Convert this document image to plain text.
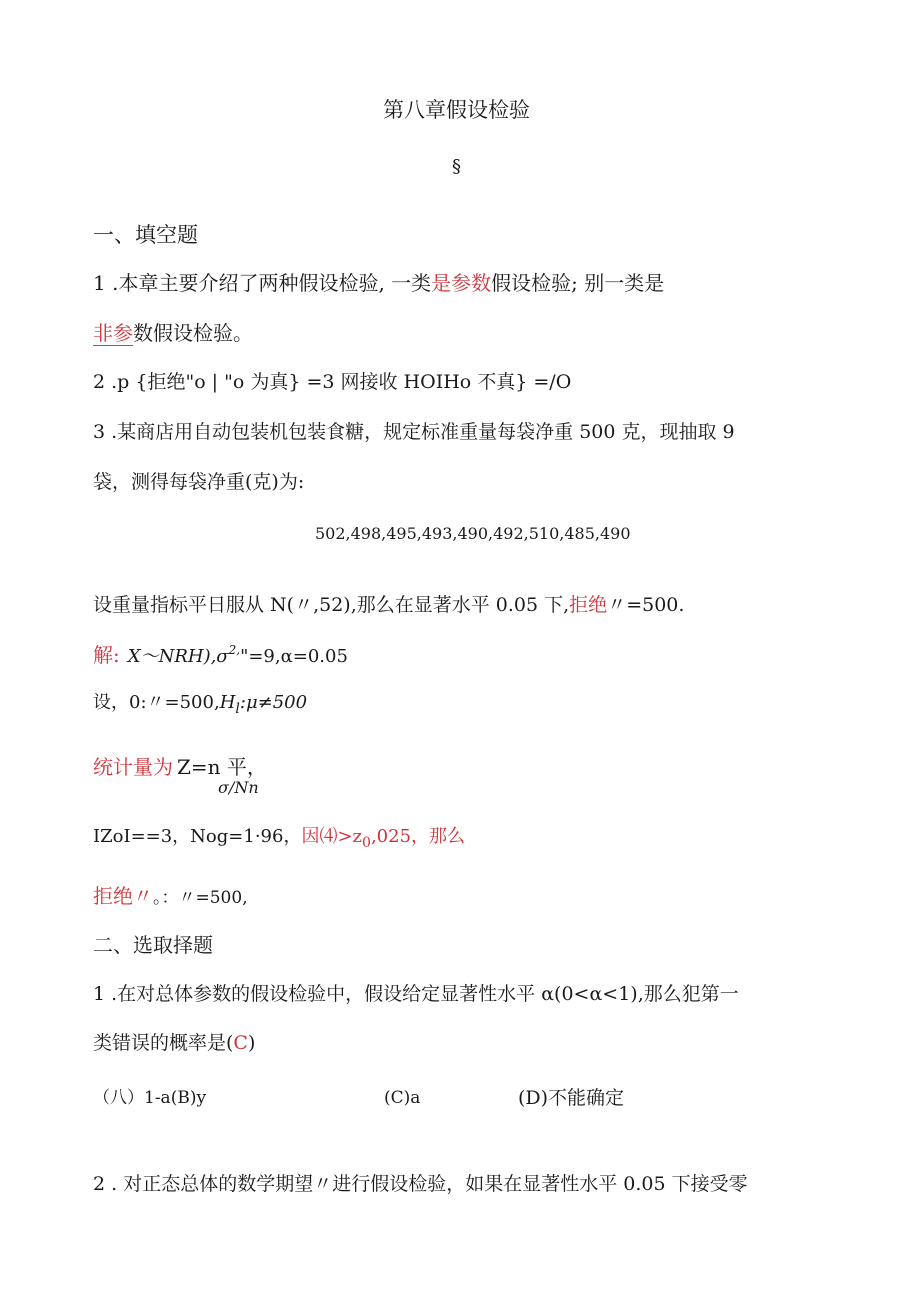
第八章假设检验
§
一、填空题
1 .本章主要介绍了两种假设检验, 一类是参数假设检验; 别一类是
非参数假设检验。
2 .p {拒绝"o | "o 为真} =3 网接收 HOIHo 不真} =/O
3 .某商店用自动包装机包装食糖，规定标准重量每袋净重 500 克，现抽取 9
袋，测得每袋净重(克)为:
502,498,495,493,490,492,510,485,490
设重量指标平日服从 N(〃,52),那么在显著水平 0.05 下,拒绝〃=500.
解: X〜$NRH),\sigma^{2,}"=9,\alpha=0.05$
设，0:〃$=500,H_l:\mu\ne 500$
统计量为 Z=n 平，
σ/Nn
IZoI==3，Nog=1·96，因$⑷>z_0,025$，那么
拒绝〃。：〃=500,
二、选取择题
1 .在对总体参数的假设检验中，假设给定显著性水平 α(0<α<1),那么犯第一
类错误的概率是(C)
（八）1-a(B)y	(C)a	(D)不能确定
2 . 对正态总体的数学期望〃进行假设检验，如果在显著性水平 0.05 下接受零
